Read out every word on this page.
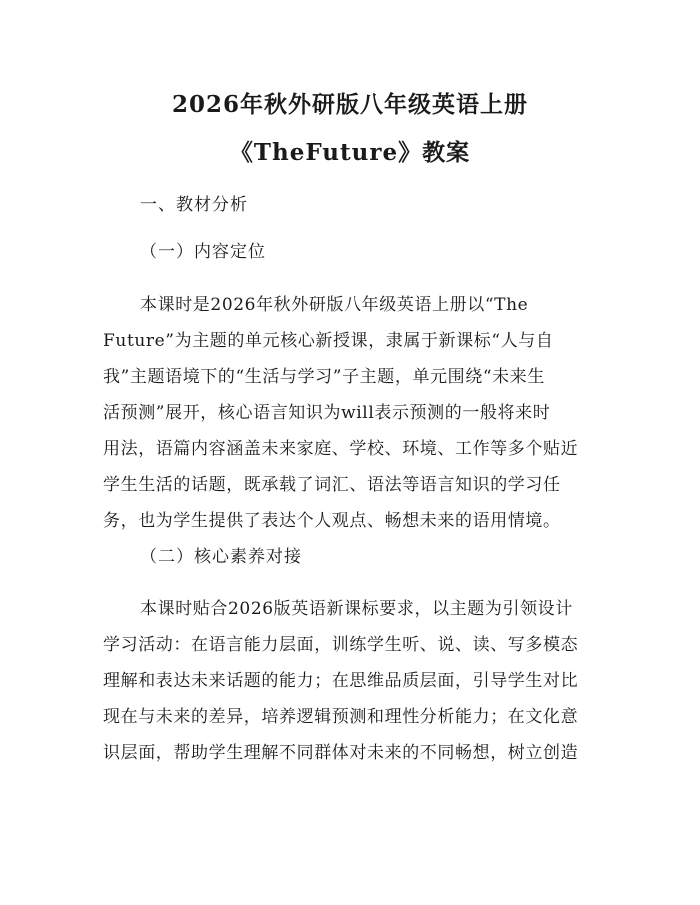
2026年秋外研版八年级英语上册
《TheFuture》教案
一、教材分析
（一）内容定位
本课时是2026年秋外研版八年级英语上册以“The
Future”为主题的单元核心新授课，隶属于新课标“人与自
我”主题语境下的“生活与学习”子主题，单元围绕“未来生
活预测”展开，核心语言知识为will表示预测的一般将来时
用法，语篇内容涵盖未来家庭、学校、环境、工作等多个贴近
学生生活的话题，既承载了词汇、语法等语言知识的学习任
务，也为学生提供了表达个人观点、畅想未来的语用情境。
（二）核心素养对接
本课时贴合2026版英语新课标要求，以主题为引领设计
学习活动：在语言能力层面，训练学生听、说、读、写多模态
理解和表达未来话题的能力；在思维品质层面，引导学生对比
现在与未来的差异，培养逻辑预测和理性分析能力；在文化意
识层面，帮助学生理解不同群体对未来的不同畅想，树立创造
